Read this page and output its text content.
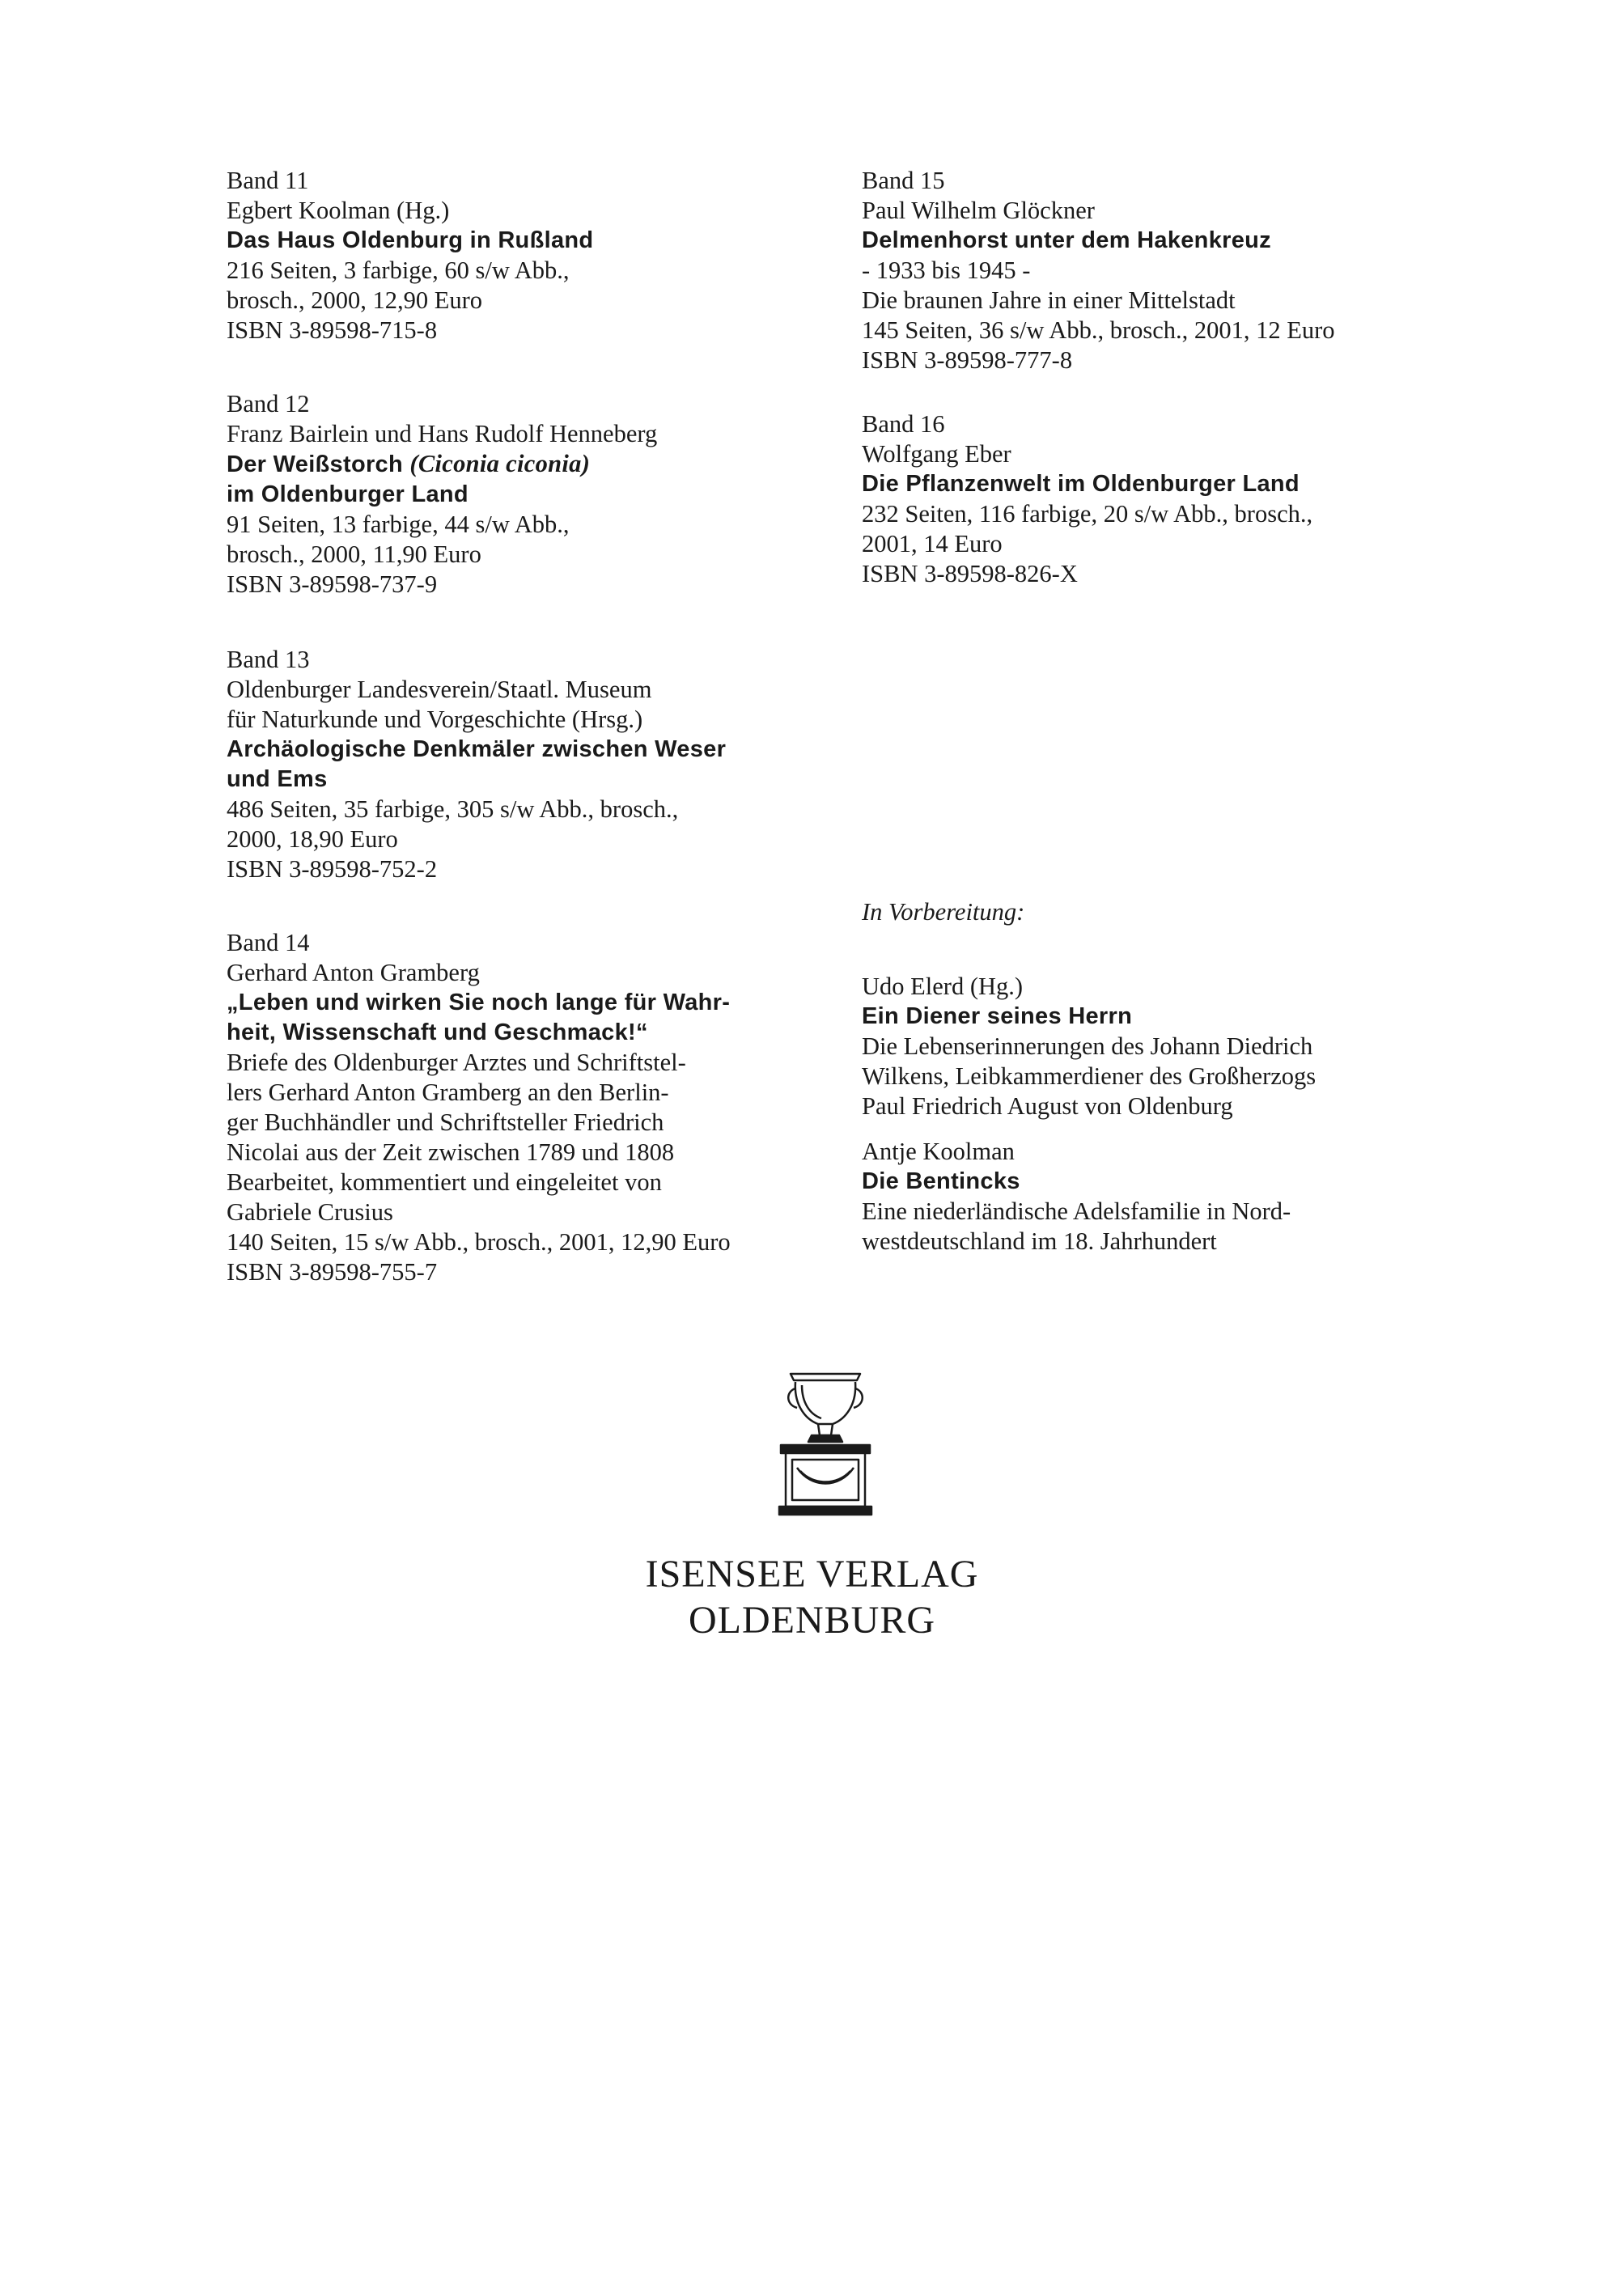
Band 11
Egbert Koolman (Hg.)
Das Haus Oldenburg in Rußland
216 Seiten, 3 farbige, 60 s/w Abb.,
brosch., 2000, 12,90 Euro
ISBN 3-89598-715-8
Band 12
Franz Bairlein und Hans Rudolf Henneberg
Der Weißstorch (Ciconia ciconia)
im Oldenburger Land
91 Seiten, 13 farbige, 44 s/w Abb.,
brosch., 2000, 11,90 Euro
ISBN 3-89598-737-9
Band 13
Oldenburger Landesverein/Staatl. Museum
für Naturkunde und Vorgeschichte (Hrsg.)
Archäologische Denkmäler zwischen Weser
und Ems
486 Seiten, 35 farbige, 305 s/w Abb., brosch.,
2000, 18,90 Euro
ISBN 3-89598-752-2
Band 14
Gerhard Anton Gramberg
„Leben und wirken Sie noch lange für Wahr-
heit, Wissenschaft und Geschmack!“
Briefe des Oldenburger Arztes und Schriftstel-
lers Gerhard Anton Gramberg an den Berlin-
ger Buchhändler und Schriftsteller Friedrich
Nicolai aus der Zeit zwischen 1789 und 1808
Bearbeitet, kommentiert und eingeleitet von
Gabriele Crusius
140 Seiten, 15 s/w Abb., brosch., 2001, 12,90 Euro
ISBN 3-89598-755-7
Band 15
Paul Wilhelm Glöckner
Delmenhorst unter dem Hakenkreuz
- 1933 bis 1945 -
Die braunen Jahre in einer Mittelstadt
145 Seiten, 36 s/w Abb., brosch., 2001, 12 Euro
ISBN 3-89598-777-8
Band 16
Wolfgang Eber
Die Pflanzenwelt im Oldenburger Land
232 Seiten, 116 farbige, 20 s/w Abb., brosch.,
2001, 14 Euro
ISBN 3-89598-826-X
In Vorbereitung:
Udo Elerd (Hg.)
Ein Diener seines Herrn
Die Lebenserinnerungen des Johann Diedrich
Wilkens, Leibkammerdiener des Großherzogs
Paul Friedrich August von Oldenburg
Antje Koolman
Die Bentincks
Eine niederländische Adelsfamilie in Nord-
westdeutschland im 18. Jahrhundert
ISENSEE VERLAG
OLDENBURG
